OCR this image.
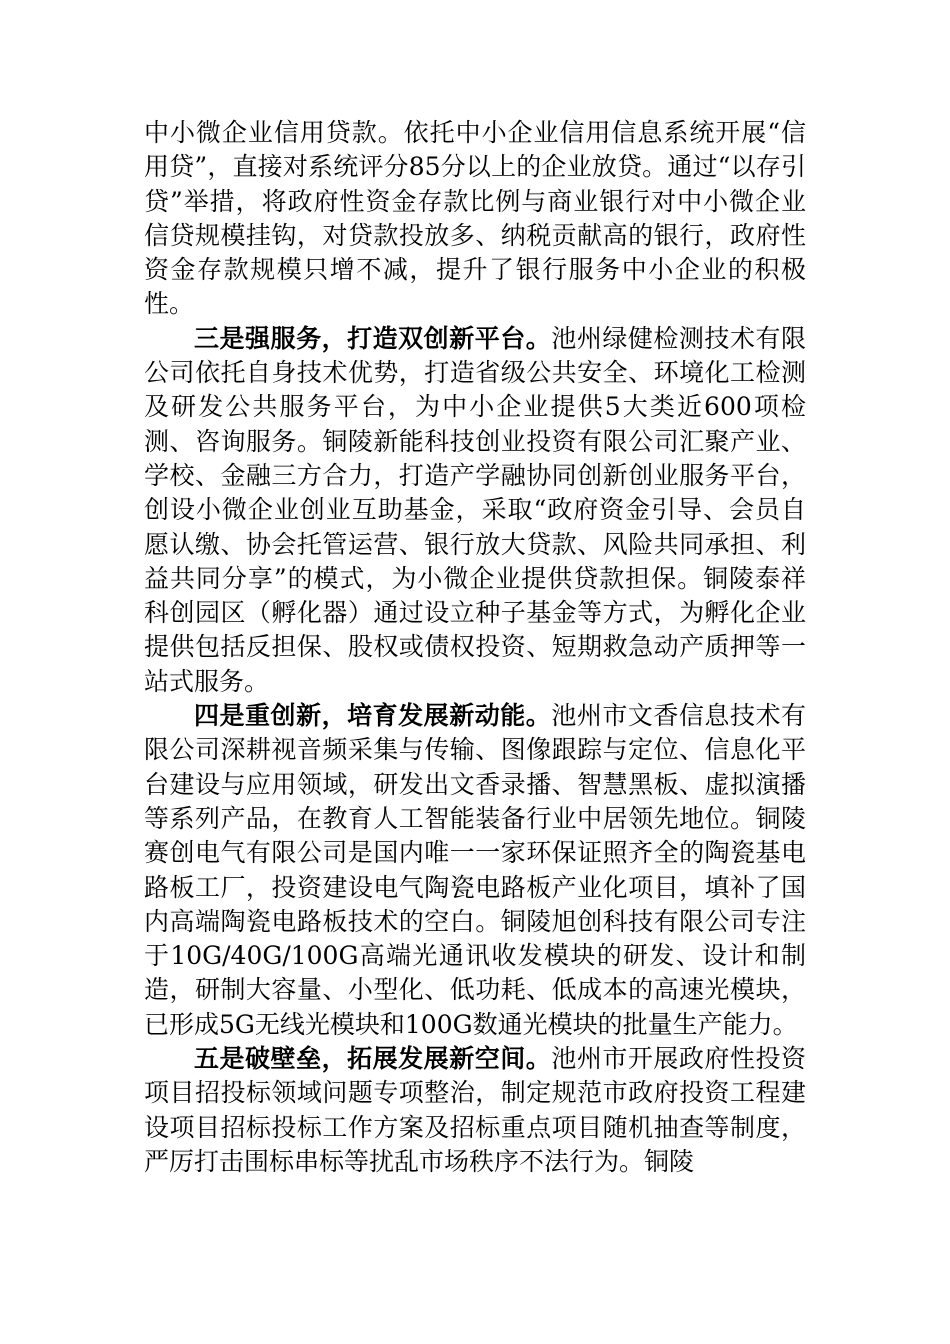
中小微企业信用贷款。依托中小企业信用信息系统开展“信用贷”，直接对系统评分85分以上的企业放贷。通过“以存引贷”举措，将政府性资金存款比例与商业银行对中小微企业信贷规模挂钩，对贷款投放多、纳税贡献高的银行，政府性资金存款规模只增不减，提升了银行服务中小企业的积极性。

三是强服务，打造双创新平台。池州绿健检测技术有限公司依托自身技术优势，打造省级公共安全、环境化工检测及研发公共服务平台，为中小企业提供5大类近600项检测、咨询服务。铜陵新能科技创业投资有限公司汇聚产业、学校、金融三方合力，打造产学融协同创新创业服务平台，创设小微企业创业互助基金，采取“政府资金引导、会员自愿认缴、协会托管运营、银行放大贷款、风险共同承担、利益共同分享”的模式，为小微企业提供贷款担保。铜陵泰祥科创园区（孵化器）通过设立种子基金等方式，为孵化企业提供包括反担保、股权或债权投资、短期救急动产质押等一站式服务。

四是重创新，培育发展新动能。池州市文香信息技术有限公司深耕视音频采集与传输、图像跟踪与定位、信息化平台建设与应用领域，研发出文香录播、智慧黑板、虚拟演播等系列产品，在教育人工智能装备行业中居领先地位。铜陵赛创电气有限公司是国内唯一一家环保证照齐全的陶瓷基电路板工厂，投资建设电气陶瓷电路板产业化项目，填补了国内高端陶瓷电路板技术的空白。铜陵旭创科技有限公司专注于10G/40G/100G高端光通讯收发模块的研发、设计和制造，研制大容量、小型化、低功耗、低成本的高速光模块，已形成5G无线光模块和100G数通光模块的批量生产能力。

五是破壁垒，拓展发展新空间。池州市开展政府性投资项目招投标领域问题专项整治，制定规范市政府投资工程建设项目招标投标工作方案及招标重点项目随机抽查等制度，严厉打击围标串标等扰乱市场秩序不法行为。铜陵
